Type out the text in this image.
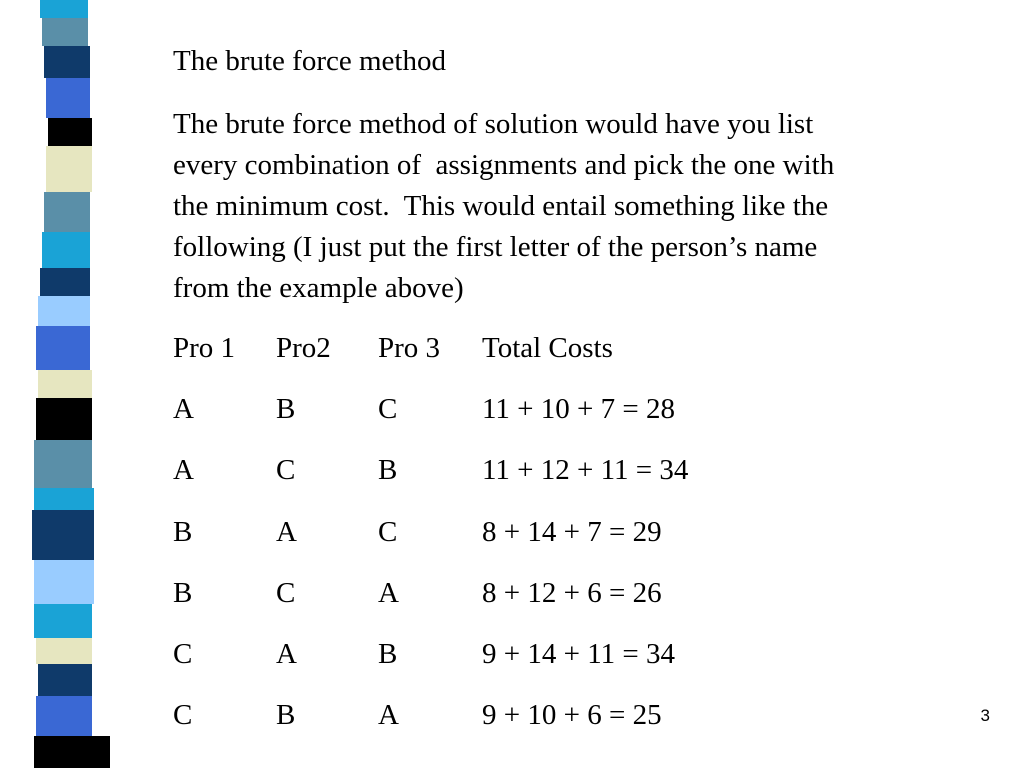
The brute force method
The brute force method of solution would have you list
every combination of  assignments and pick the one with
the minimum cost.  This would entail something like the
following (I just put the first letter of the person’s name
from the example above)
Pro 1	Pro2	Pro 3	Total Costs
A	B	C	11 + 10 + 7 = 28
A	C	B	11 + 12 + 11 = 34
B	A	C	8 + 14 + 7 = 29
B	C	A	8 + 12 + 6 = 26
C	A	B	9 + 14 + 11 = 34
C	B	A	9 + 10 + 6 = 25	3
